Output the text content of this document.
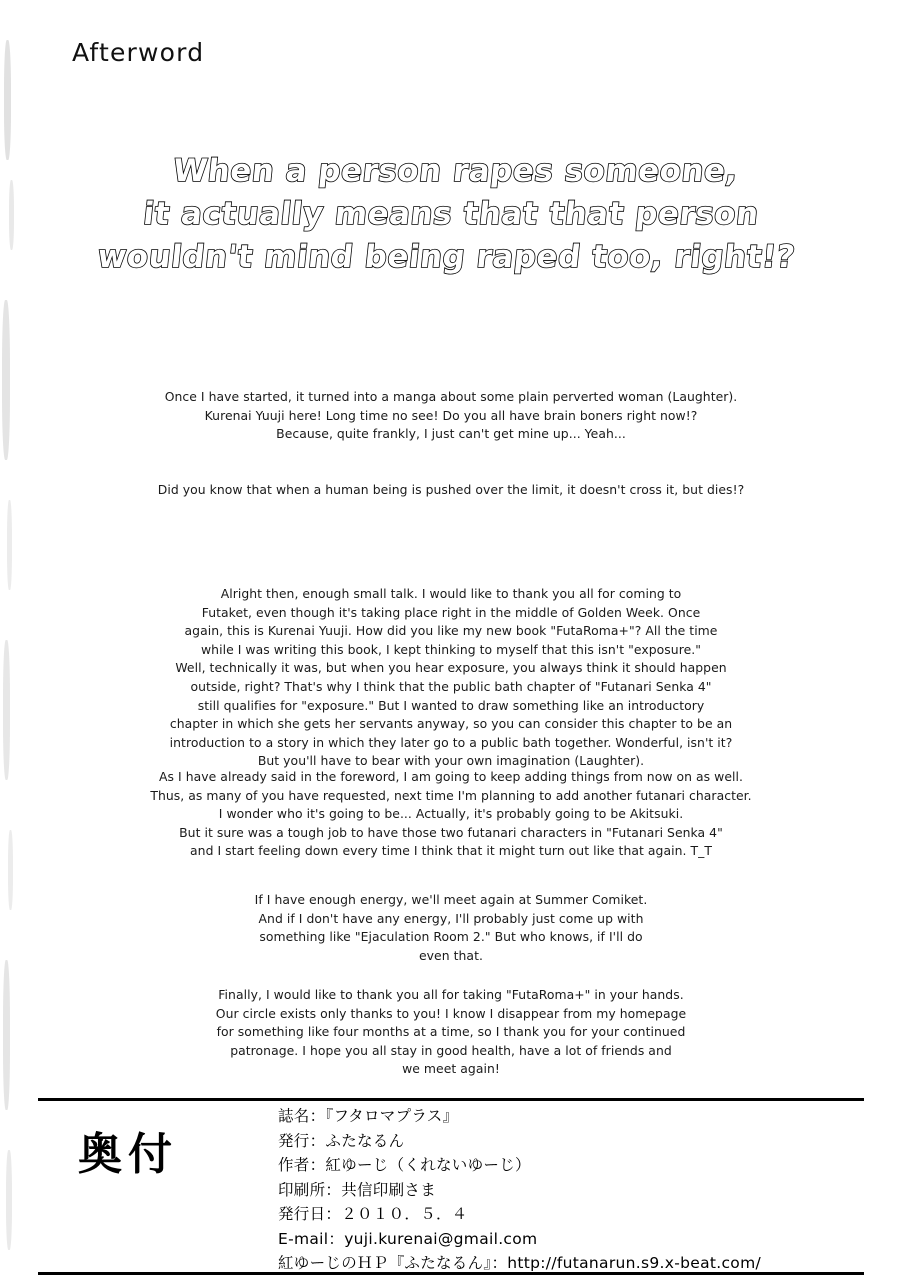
Afterword
When a person rapes someone,
it actually means that that person
wouldn't mind being raped too, right!?

Once I have started, it turned into a manga about some plain perverted woman (Laughter).

Kurenai Yuuji here! Long time no see! Do you all have brain boners right now!?

Because, quite frankly, I just can't get mine up... Yeah...

Did you know that when a human being is pushed over the limit, it doesn't cross it, but dies!?

Alright then, enough small talk. I would like to thank you all for coming to

Futaket, even though it's taking place right in the middle of Golden Week. Once

again, this is Kurenai Yuuji. How did you like my new book "FutaRoma+"? All the time

while I was writing this book, I kept thinking to myself that this isn't "exposure."

Well, technically it was, but when you hear exposure, you always think it should happen

outside, right? That's why I think that the public bath chapter of "Futanari Senka 4"

still qualifies for "exposure." But I wanted to draw something like an introductory

chapter in which she gets her servants anyway, so you can consider this chapter to be an

introduction to a story in which they later go to a public bath together. Wonderful, isn't it?

But you'll have to bear with your own imagination (Laughter).

As I have already said in the foreword, I am going to keep adding things from now on as well.

Thus, as many of you have requested, next time I'm planning to add another futanari character.

I wonder who it's going to be... Actually, it's probably going to be Akitsuki.

But it sure was a tough job to have those two futanari characters in "Futanari Senka 4"

and I start feeling down every time I think that it might turn out like that again. T_T

If I have enough energy, we'll meet again at Summer Comiket.

And if I don't have any energy, I'll probably just come up with

something like "Ejaculation Room 2." But who knows, if I'll do

even that.

Finally, I would like to thank you all for taking "FutaRoma+" in your hands.

Our circle exists only thanks to you! I know I disappear from my homepage

for something like four months at a time, so I thank you for your continued

patronage. I hope you all stay in good health, have a lot of friends and

we meet again!

奥付
誌名：『フタロマプラス』
発行：ふたなるん
作者：紅ゆーじ（くれないゆーじ）
印刷所：共信印刷さま
発行日：２０１０．５．４
E-mail：yuji.kurenai@gmail.com
紅ゆーじのＨＰ『ふたなるん』：http://futanarun.s9.x-beat.com/
